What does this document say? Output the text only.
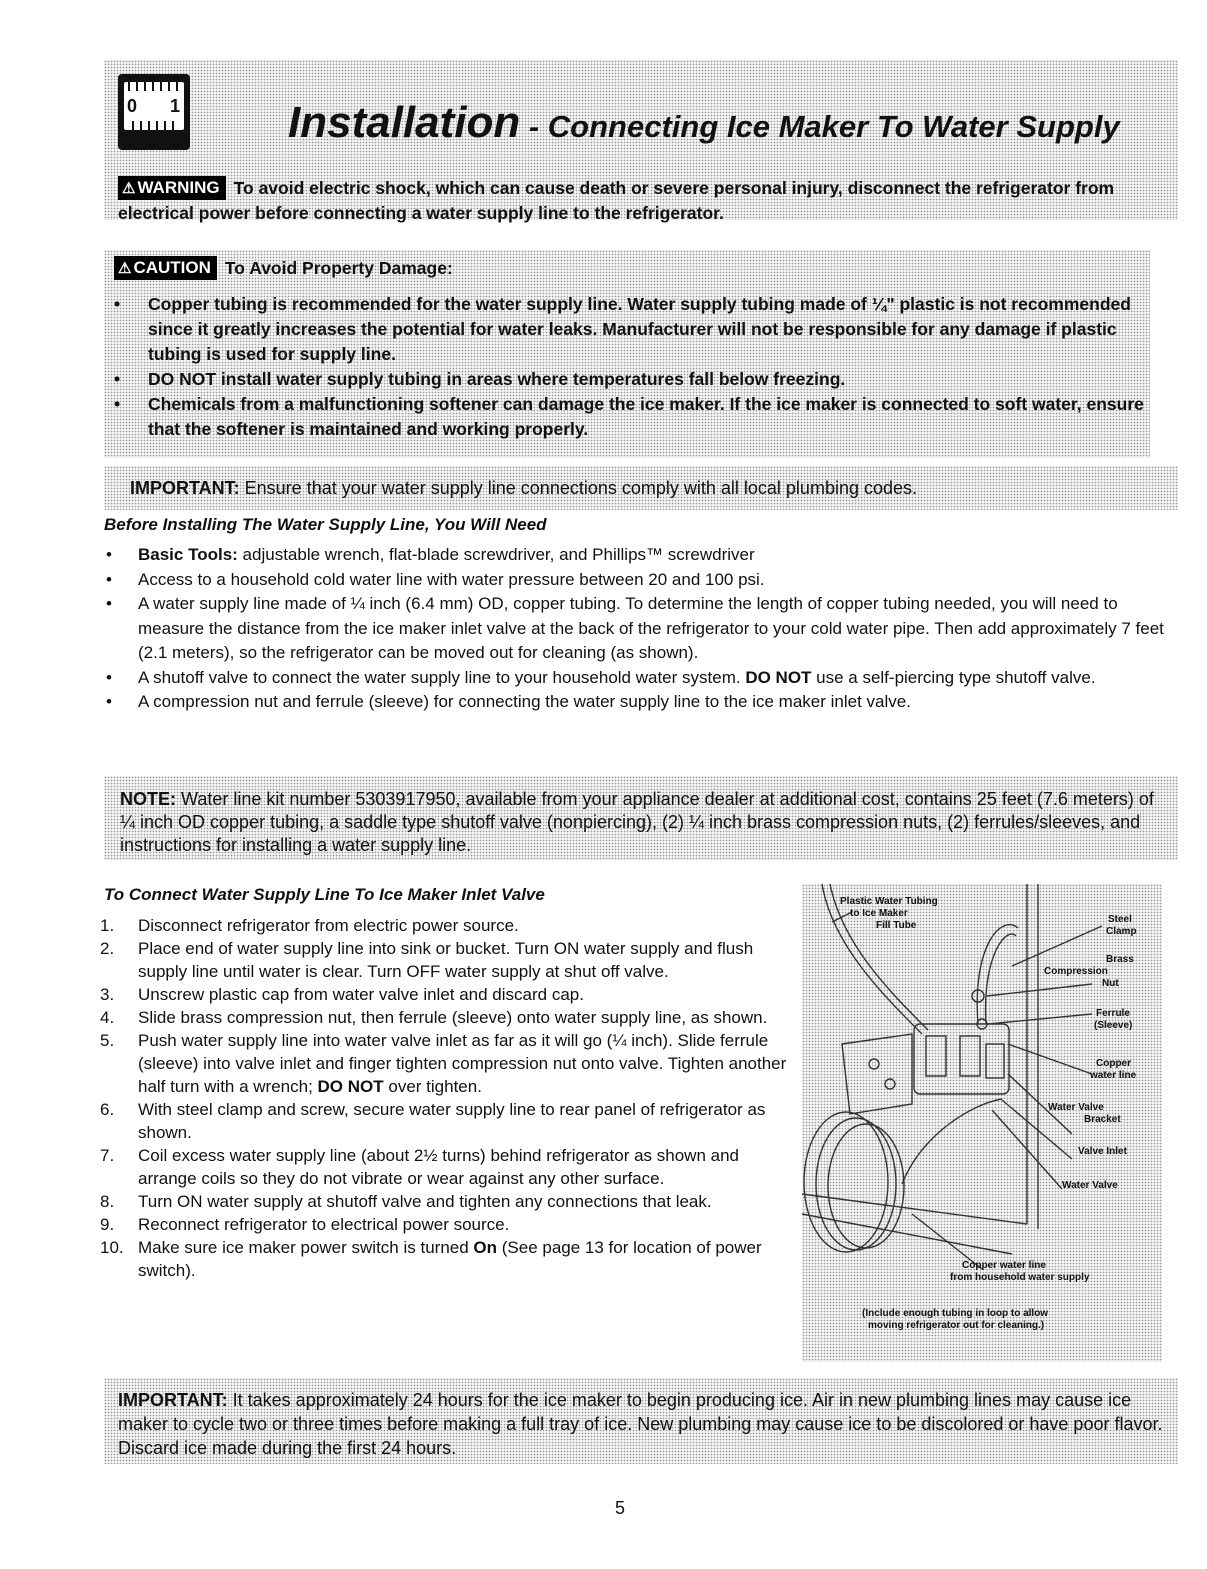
0 1 Installation - Connecting Ice Maker To Water Supply
⚠ WARNING To avoid electric shock, which can cause death or severe personal injury, disconnect the refrigerator from electrical power before connecting a water supply line to the refrigerator.
⚠ CAUTION To Avoid Property Damage:
• Copper tubing is recommended for the water supply line. Water supply tubing made of ¼" plastic is not recommended since it greatly increases the potential for water leaks. Manufacturer will not be responsible for any damage if plastic tubing is used for supply line.
• DO NOT install water supply tubing in areas where temperatures fall below freezing.
• Chemicals from a malfunctioning softener can damage the ice maker. If the ice maker is connected to soft water, ensure that the softener is maintained and working properly.
IMPORTANT: Ensure that your water supply line connections comply with all local plumbing codes.
Before Installing The Water Supply Line, You Will Need
• Basic Tools: adjustable wrench, flat-blade screwdriver, and Phillips™ screwdriver
• Access to a household cold water line with water pressure between 20 and 100 psi.
• A water supply line made of ¼ inch (6.4 mm) OD, copper tubing. To determine the length of copper tubing needed, you will need to measure the distance from the ice maker inlet valve at the back of the refrigerator to your cold water pipe. Then add approximately 7 feet (2.1 meters), so the refrigerator can be moved out for cleaning (as shown).
• A shutoff valve to connect the water supply line to your household water system. DO NOT use a self-piercing type shutoff valve.
• A compression nut and ferrule (sleeve) for connecting the water supply line to the ice maker inlet valve.
NOTE: Water line kit number 5303917950, available from your appliance dealer at additional cost, contains 25 feet (7.6 meters) of ¼ inch OD copper tubing, a saddle type shutoff valve (nonpiercing), (2) ¼ inch brass compression nuts, (2) ferrules/sleeves, and instructions for installing a water supply line.
To Connect Water Supply Line To Ice Maker Inlet Valve
1. Disconnect refrigerator from electric power source.
2. Place end of water supply line into sink or bucket. Turn ON water supply and flush supply line until water is clear. Turn OFF water supply at shut off valve.
3. Unscrew plastic cap from water valve inlet and discard cap.
4. Slide brass compression nut, then ferrule (sleeve) onto water supply line, as shown.
5. Push water supply line into water valve inlet as far as it will go (¼ inch). Slide ferrule (sleeve) into valve inlet and finger tighten compression nut onto valve. Tighten another half turn with a wrench; DO NOT over tighten.
6. With steel clamp and screw, secure water supply line to rear panel of refrigerator as shown.
7. Coil excess water supply line (about 2½ turns) behind refrigerator as shown and arrange coils so they do not vibrate or wear against any other surface.
8. Turn ON water supply at shutoff valve and tighten any connections that leak.
9. Reconnect refrigerator to electrical power source.
10. Make sure ice maker power switch is turned On (See page 13 for location of power switch).
Plastic Water Tubing
to Ice Maker
Fill Tube
Steel
Clamp
Brass
Compression
Nut
Ferrule
(Sleeve)
Copper
water line
Water Valve
Bracket
Valve Inlet
Water Valve
Copper water line
from household water supply
(Include enough tubing in loop to allow
moving refrigerator out for cleaning.)
IMPORTANT: It takes approximately 24 hours for the ice maker to begin producing ice. Air in new plumbing lines may cause ice maker to cycle two or three times before making a full tray of ice. New plumbing may cause ice to be discolored or have poor flavor. Discard ice made during the first 24 hours.
5
